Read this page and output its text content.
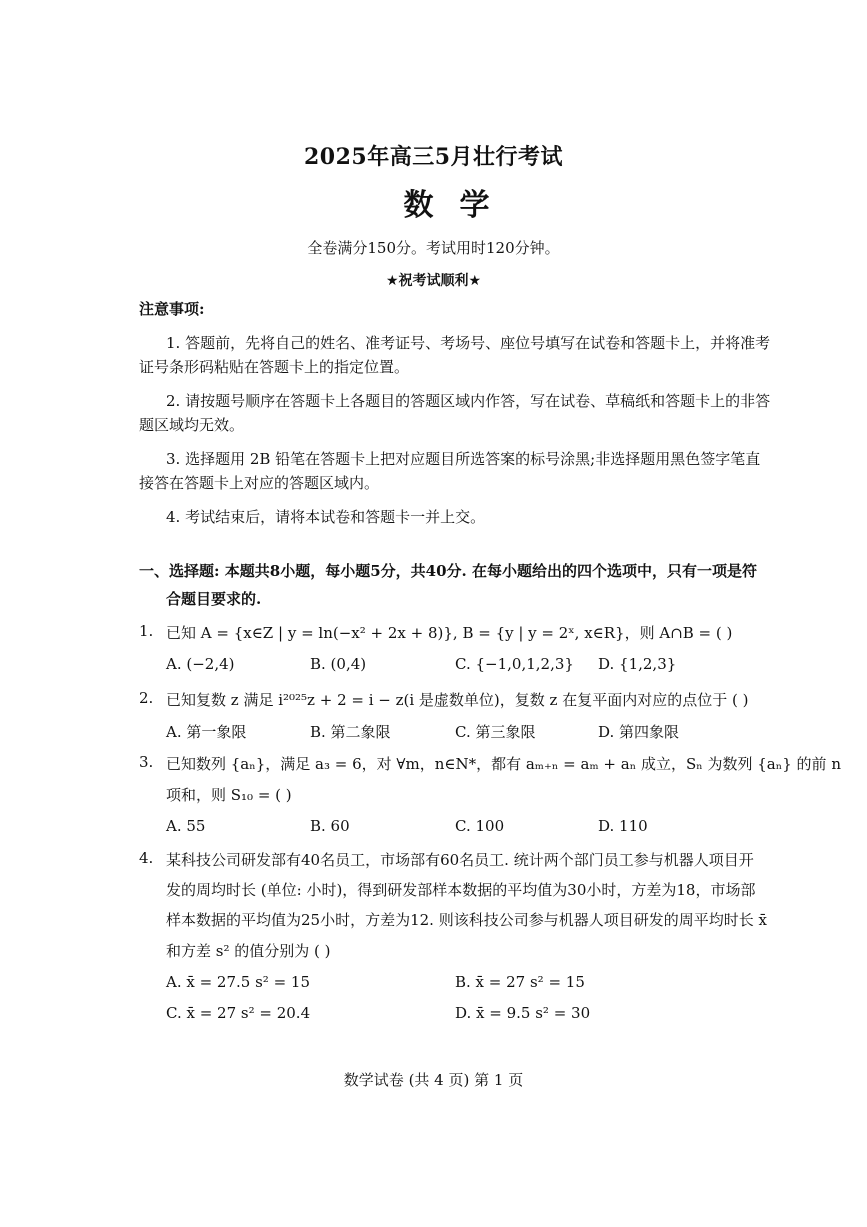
2025年高三5月壮行考试
数学
全卷满分150分。考试用时120分钟。
★祝考试顺利★
注意事项:
1. 答题前，先将自己的姓名、准考证号、考场号、座位号填写在试卷和答题卡上，并将准考
证号条形码粘贴在答题卡上的指定位置。
2. 请按题号顺序在答题卡上各题目的答题区域内作答，写在试卷、草稿纸和答题卡上的非答
题区域均无效。
3. 选择题用 2B 铅笔在答题卡上把对应题目所选答案的标号涂黑;非选择题用黑色签字笔直
接答在答题卡上对应的答题区域内。
4. 考试结束后，请将本试卷和答题卡一并上交。
一、选择题: 本题共8小题，每小题5分，共40分. 在每小题给出的四个选项中，只有一项是符
合题目要求的.
1. 已知 A = {x∈Z | y = ln(−x² + 2x + 8)}, B = {y | y = 2ˣ, x∈R}，则 A∩B = ( )
A. (−2,4)	B. (0,4)	C. {−1,0,1,2,3} D. {1,2,3}
2. 已知复数 z 满足 i²⁰²⁵z + 2 = i − z(i 是虚数单位)，复数 z 在复平面内对应的点位于 ( )
A. 第一象限	B. 第二象限	C. 第三象限	D. 第四象限
3. 已知数列 {aₙ}，满足 a₃ = 6，对 ∀m，n∈N*，都有 aₘ₊ₙ = aₘ + aₙ 成立，Sₙ 为数列 {aₙ} 的前 n
项和，则 S₁₀ = ( )
A. 55	B. 60	C. 100	D. 110
4. 某科技公司研发部有40名员工，市场部有60名员工. 统计两个部门员工参与机器人项目开
发的周均时长 (单位: 小时)，得到研发部样本数据的平均值为30小时，方差为18，市场部
样本数据的平均值为25小时，方差为12. 则该科技公司参与机器人项目研发的周平均时长 x̄
和方差 s² 的值分别为 ( )
A. x̄ = 27.5 s² = 15	B. x̄ = 27 s² = 15
C. x̄ = 27 s² = 20.4	D. x̄ = 9.5 s² = 30
数学试卷 (共 4 页) 第 1 页
